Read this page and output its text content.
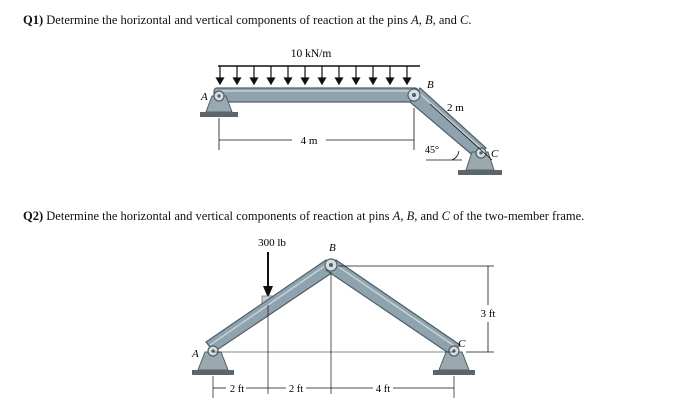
Q1) Determine the horizontal and vertical components of reaction at the pins A, B, and C.
10 kN/m
A
B
C
2 m
4 m
45°
Q2) Determine the horizontal and vertical components of reaction at pins A, B, and C of the two-member frame.
300 lb	B
A
C
3 ft
2 ft	2 ft	4 ft
